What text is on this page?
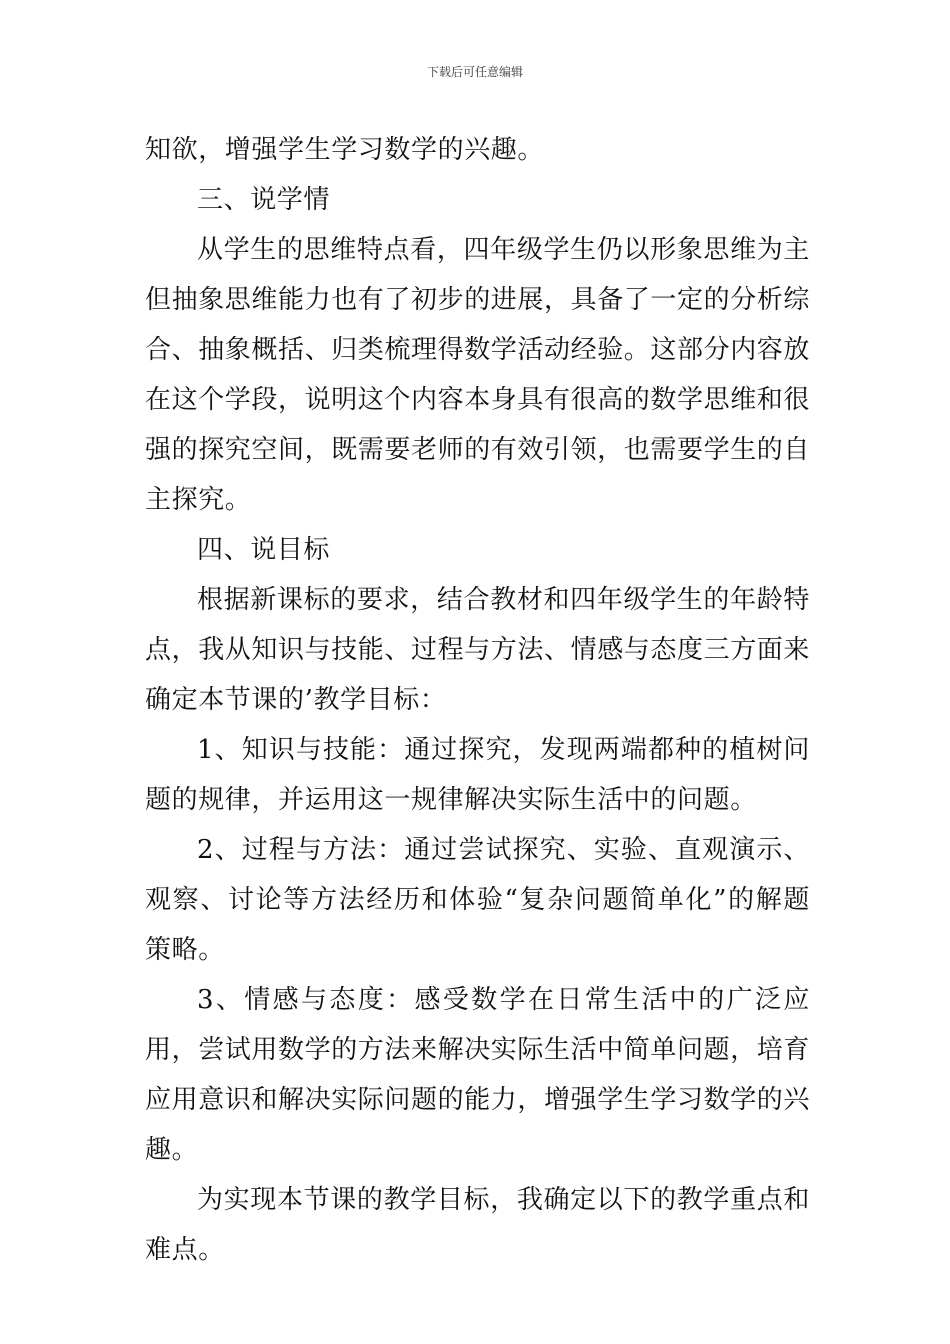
下载后可任意编辑

知欲，增强学生学习数学的兴趣。

三、说学情

从学生的思维特点看，四年级学生仍以形象思维为主但抽象思维能力也有了初步的进展，具备了一定的分析综合、抽象概括、归类梳理得数学活动经验。这部分内容放在这个学段，说明这个内容本身具有很高的数学思维和很强的探究空间，既需要老师的有效引领，也需要学生的自主探究。

四、说目标

根据新课标的要求，结合教材和四年级学生的年龄特点，我从知识与技能、过程与方法、情感与态度三方面来确定本节课的’教学目标：

1、知识与技能：通过探究，发现两端都种的植树问题的规律，并运用这一规律解决实际生活中的问题。

2、过程与方法：通过尝试探究、实验、直观演示、观察、讨论等方法经历和体验“复杂问题简单化”的解题策略。

3、情感与态度：感受数学在日常生活中的广泛应用，尝试用数学的方法来解决实际生活中简单问题，培育应用意识和解决实际问题的能力，增强学生学习数学的兴趣。

为实现本节课的教学目标，我确定以下的教学重点和难点。
